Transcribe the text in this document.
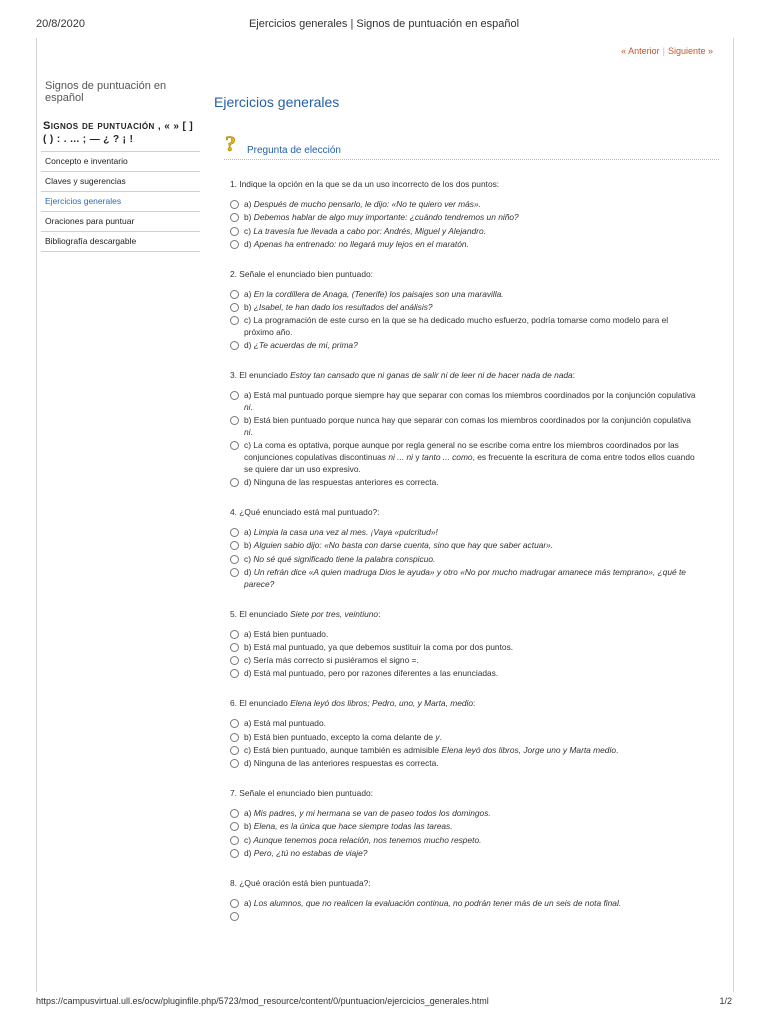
20/8/2020	Ejercicios generales | Signos de puntuación en español
« Anterior | Siguiente »
Signos de puntuación en español
Signos de puntuación , « » [ ]
( ) : . ... ; — ¿ ? ¡ !
Concepto e inventario
Claves y sugerencias
Ejercicios generales
Oraciones para puntuar
Bibliografía descargable
Ejercicios generales
? Pregunta de elección
1. Indique la opción en la que se da un uso incorrecto de los dos puntos:
a) Después de mucho pensarlo, le dijo: «No te quiero ver más».
b) Debemos hablar de algo muy importante: ¿cuándo tendremos un niño?
c) La travesía fue llevada a cabo por: Andrés, Miguel y Alejandro.
d) Apenas ha entrenado: no llegará muy lejos en el maratón.
2. Señale el enunciado bien puntuado:
a) En la cordillera de Anaga, (Tenerife) los paisajes son una maravilla.
b) ¿Isabel, te han dado los resultados del análisis?
c) La programación de este curso en la que se ha dedicado mucho esfuerzo, podría tomarse como modelo para el próximo año.
d) ¿Te acuerdas de mi, prima?
3. El enunciado Estoy tan cansado que ni ganas de salir ni de leer ni de hacer nada de nada:
a) Está mal puntuado porque siempre hay que separar con comas los miembros coordinados por la conjunción copulativa ni.
b) Está bien puntuado porque nunca hay que separar con comas los miembros coordinados por la conjunción copulativa ni.
c) La coma es optativa, porque aunque por regla general no se escribe coma entre los miembros coordinados por las conjunciones copulativas discontinuas ni ... ni y tanto ... como, es frecuente la escritura de coma entre todos ellos cuando se quiere dar un uso expresivo.
d) Ninguna de las respuestas anteriores es correcta.
4. ¿Qué enunciado está mal puntuado?:
a) Limpia la casa una vez al mes. ¡Vaya «pulcritud»!
b) Alguien sabio dijo: «No basta con darse cuenta, sino que hay que saber actuar».
c) No sé qué significado tiene la palabra conspicuo.
d) Un refrán dice «A quien madruga Dios le ayuda» y otro «No por mucho madrugar amanece más temprano», ¿qué te parece?
5. El enunciado Siete por tres, veintiuno:
a) Está bien puntuado.
b) Está mal puntuado, ya que debemos sustituir la coma por dos puntos.
c) Sería más correcto si pusiéramos el signo =.
d) Está mal puntuado, pero por razones diferentes a las enunciadas.
6. El enunciado Elena leyó dos libros; Pedro, uno, y Marta, medio:
a) Está mal puntuado.
b) Está bien puntuado, excepto la coma delante de y.
c) Está bien puntuado, aunque también es admisible Elena leyó dos libros, Jorge uno y Marta medio.
d) Ninguna de las anteriores respuestas es correcta.
7. Señale el enunciado bien puntuado:
a) Mis padres, y mi hermana se van de paseo todos los domingos.
b) Elena, es la única que hace siempre todas las tareas.
c) Aunque tenemos poca relación, nos tenemos mucho respeto.
d) Pero, ¿tú no estabas de viaje?
8. ¿Qué oración está bien puntuada?:
a) Los alumnos, que no realicen la evaluación continua, no podrán tener más de un seis de nota final.
https://campusvirtual.ull.es/ocw/pluginfile.php/5723/mod_resource/content/0/puntuacion/ejercicios_generales.html	1/2
